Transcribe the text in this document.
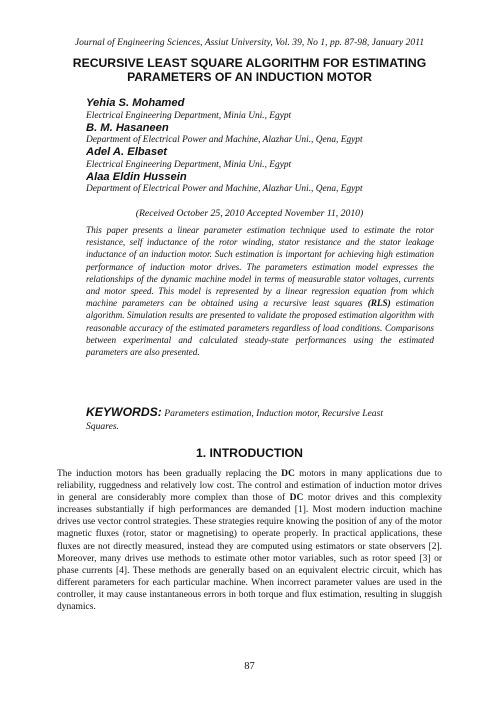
Journal of Engineering Sciences, Assiut University, Vol. 39, No 1, pp. 87-98, January 2011
RECURSIVE LEAST SQUARE ALGORITHM FOR ESTIMATING
PARAMETERS OF AN INDUCTION MOTOR
Yehia S. Mohamed
Electrical Engineering Department, Minia Uni., Egypt
B. M. Hasaneen
Department of Electrical Power and Machine, Alazhar Uni., Qena, Egypt
Adel A. Elbaset
Electrical Engineering Department, Minia Uni., Egypt
Alaa Eldin Hussein
Department of Electrical Power and Machine, Alazhar Uni., Qena, Egypt
(Received October 25, 2010 Accepted November 11, 2010)
This paper presents a linear parameter estimation technique used to estimate the rotor resistance, self inductance of the rotor winding, stator resistance and the stator leakage inductance of an induction motor. Such estimation is important for achieving high estimation performance of induction motor drives. The parameters estimation model expresses the relationships of the dynamic machine model in terms of measurable stator voltages, currents and motor speed. This model is represented by a linear regression equation from which machine parameters can be obtained using a recursive least squares (RLS) estimation algorithm. Simulation results are presented to validate the proposed estimation algorithm with reasonable accuracy of the estimated parameters regardless of load conditions. Comparisons between experimental and calculated steady-state performances using the estimated parameters are also presented.
KEYWORDS: Parameters estimation, Induction motor, Recursive Least Squares.
1. INTRODUCTION
The induction motors has been gradually replacing the DC motors in many applications due to reliability, ruggedness and relatively low cost. The control and estimation of induction motor drives in general are considerably more complex than those of DC motor drives and this complexity increases substantially if high performances are demanded [1]. Most modern induction machine drives use vector control strategies. These strategies require knowing the position of any of the motor magnetic fluxes (rotor, stator or magnetising) to operate properly. In practical applications, these fluxes are not directly measured, instead they are computed using estimators or state observers [2]. Moreover, many drives use methods to estimate other motor variables, such as rotor speed [3] or phase currents [4]. These methods are generally based on an equivalent electric circuit, which has different parameters for each particular machine. When incorrect parameter values are used in the controller, it may cause instantaneous errors in both torque and flux estimation, resulting in sluggish dynamics.
87
